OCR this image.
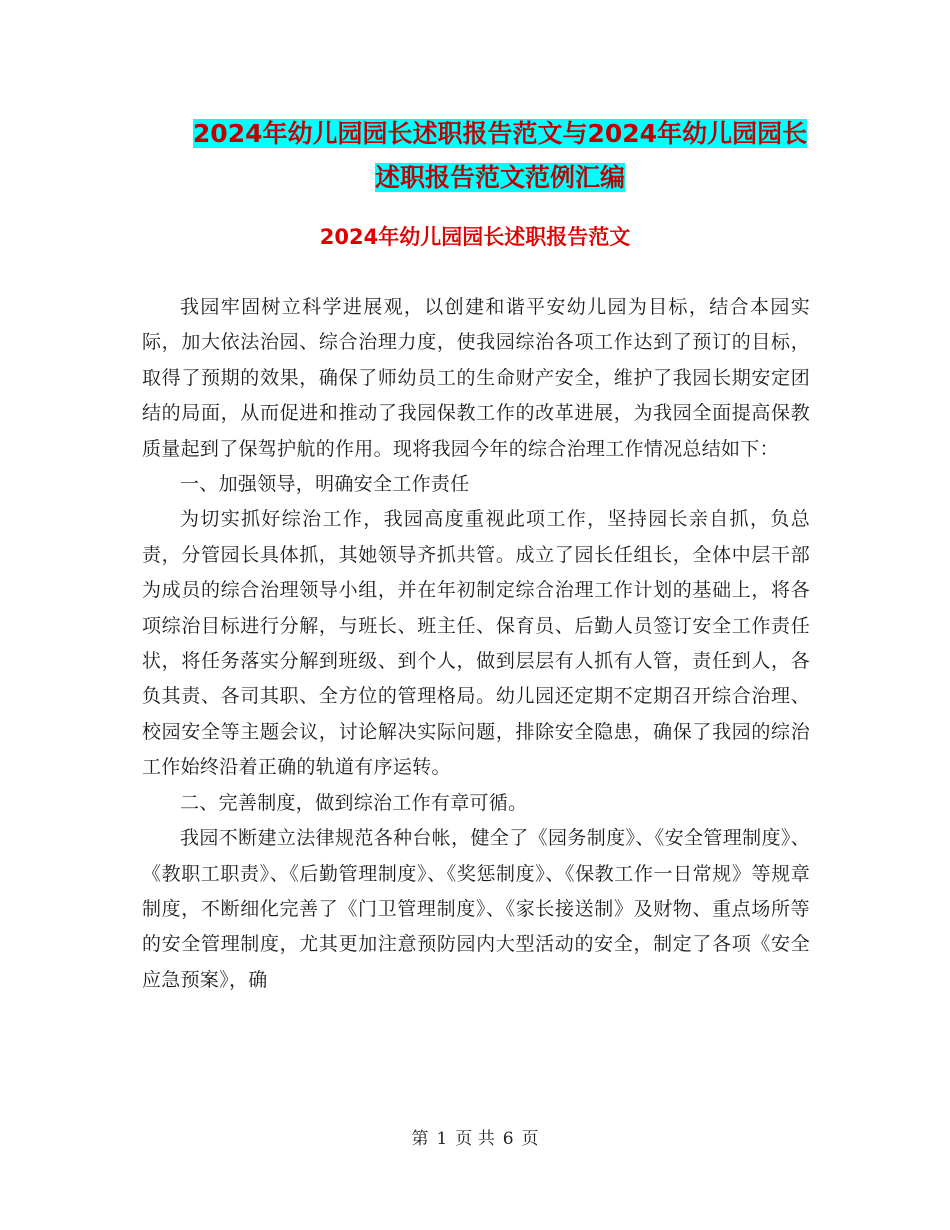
2024年幼儿园园长述职报告范文与2024年幼儿园园长
述职报告范文范例汇编
2024年幼儿园园长述职报告范文

我园牢固树立科学进展观，以创建和谐平安幼儿园为目标，结合本园实际，加大依法治园、综合治理力度，使我园综治各项工作达到了预订的目标，取得了预期的效果，确保了师幼员工的生命财产安全，维护了我园长期安定团结的局面，从而促进和推动了我园保教工作的改革进展，为我园全面提高保教质量起到了保驾护航的作用。现将我园今年的综合治理工作情况总结如下：

一、加强领导，明确安全工作责任

为切实抓好综治工作，我园高度重视此项工作，坚持园长亲自抓，负总责，分管园长具体抓，其她领导齐抓共管。成立了园长任组长，全体中层干部为成员的综合治理领导小组，并在年初制定综合治理工作计划的基础上，将各项综治目标进行分解，与班长、班主任、保育员、后勤人员签订安全工作责任状，将任务落实分解到班级、到个人，做到层层有人抓有人管，责任到人，各负其责、各司其职、全方位的管理格局。幼儿园还定期不定期召开综合治理、校园安全等主题会议，讨论解决实际问题，排除安全隐患，确保了我园的综治工作始终沿着正确的轨道有序运转。

二、完善制度，做到综治工作有章可循。

我园不断建立法律规范各种台帐，健全了《园务制度》、《安全管理制度》、《教职工职责》、《后勤管理制度》、《奖惩制度》、《保教工作一日常规》等规章制度，不断细化完善了《门卫管理制度》、《家长接送制》及财物、重点场所等的安全管理制度，尤其更加注意预防园内大型活动的安全，制定了各项《安全应急预案》，确

第 1 页 共 6 页
